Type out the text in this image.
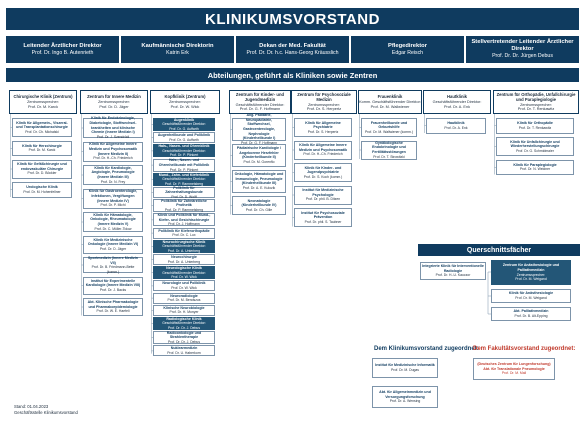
KLINIKUMSVORSTAND
Abteilungen, geführt als Kliniken sowie Zentren
Querschnittsfächer
Zentrum für Anästhesiologie und Palliativmedizin
Zentrumssprecher:
Prof. Dr. M. Weigand
Integrierte Klinik für Interventionelle Radiologie
Prof. Dr. H.-U. Kauczor
Klinik für Anästhesiologie
Prof. Dr. M. Weigand
Abt. Palliativmedizin
Prof. Dr. B. Alt-Epping
Dem Klinikumsvorstand zugeordnet:
Dem Fakultätsvorstand zugeordnet:
Institut für Medizinische Informatik
Prof. Dr. M. Dugas
Abt. für Allgemeinmedizin und Versorgungsforschung
Prof. Dr. A. Wensing
(Deutsches Zentrum für Lungenforschung) Abt. für Translationale Pneumologie
Prof. Dr. M. Mall
Stand: 01.04.2023
Geschäftsstelle Klinikumsvorstand
Leitender Ärztlicher Direktor
Prof. Dr. Ingo B. Autenrieth
Kaufmännische Direktorin
Katrin Erk
Dekan der Med. Fakultät
Prof. Dr. Dr. h.c. Hans-Georg Kräusslich
Pflegedirektor
Edgar Reisch
Stellvertretender Leitender Ärztlicher Direktor
Prof. Dr. Dr. Jürgen Debus
Chirurgische Klinik (Zentrum)
Zentrumssprecher:
Prof. Dr. M. Karck
Klinik für Allgemein-, Viszeral- und Transplantationschirurgie
Prof. Dr. Ch. Michalski
Klinik für Herzchirurgie
Prof. Dr. M. Karck
Klinik für Gefäßchirurgie und endovaskuläre Chirurgie
Prof. Dr. D. Böckler
Urologische Klinik
Prof. Dr. M. Hohenfellner
Zentrum für Innere Medizin
Zentrumssprecher:
Prof. Dr. D. Jäger
Klinik für Endokrinologie, Diabetologie, Stoffwechsel-krankheiten und klinische Chemie (Innere Medizin I)
Prof. Dr. J. Szendrödi
Klinik für Allgemeine Innere Medizin und Psychosomatik (Innere Medizin II)
Prof. Dr. H.-Ch. Friederich
Klinik für Kardiologie, Angiologie, Pneumologie (Innere Medizin III)
Prof. Dr. N. Frey
Klinik für Gastroenterologie, Infektionen, Vergiftungen (Innere Medizin IV)
Prof. Dr. P. Michl
Klinik für Hämatologie, Onkologie, Rheumatologie (Innere Medizin V)
Prof. Dr. C. Müller-Tidow
Klinik für Medizinische Onkologie (Innere Medizin VI)
Prof. Dr. D. Jäger
Sportmedizin (Innere Medizin VII)
Prof. Dr. B. Friedmann-Bette (komm.)
Institut für Experimentelle Kardiologie (Innere Medizin VIII)
Prof. Dr. J. Backs
Abt. Klinische Pharmakologie und Pharmakoepidemiologie
Prof. Dr. W. E. Haefeli
Kopfklinik (Zentrum)
Zentrumssprecher:
Prof. Dr. W. Wick
Augenklinik
Geschäftsführender Direktor:
Prof. Dr. G. Auffarth
Augenheilkunde und Poliklinik
Prof. Dr. G. Auffarth
Hals-, Nasen- und Ohrenklinik
Geschäftsführender Direktor:
Prof. Dr. P. Plinkert
Hals-, Nasen- und Ohrenheilkunde mit Poliklinik
Prof. Dr. P. Plinkert
Mund-, Zahn- und Kieferklinik
Geschäftsführender Direktor:
Prof. Dr. P. Rammelsberg
Poliklinik für Zahnerhaltungskunde
Prof. Dr. D. Wolff
Poliklinik für Zahnärztliche Prothetik
Prof. Dr. P. Rammelsberg
Klinik und Poliklinik für Mund-, Kiefer- und Gesichtschirurgie
Prof. Dr. J. Hoffmann
Poliklinik für Kieferorthopädie
Prof. Dr. C. Lux
Neurochirurgische Klinik
Geschäftsführender Direktor:
Prof. Dr. A. Unterberg
Neurochirurgie
Prof. Dr. A. Unterberg
Neurologische Klinik
Geschäftsführender Direktor:
Prof. Dr. W. Wick
Neurologie und Poliklinik
Prof. Dr. W. Wick
Neuroradiologie
Prof. Dr. M. Bendszus
Klinische Neurobiologie
Prof. Dr. H. Monyer
Radiologische Klinik
Geschäftsführender Direktor:
Prof. Dr. Dr. J. Debus
Radioonkologie und Strahlentherapie
Prof. Dr. Dr. J. Debus
Nuklearmedizin
Prof. Dr. U. Haberkorn
Zentrum für Kinder- und Jugendmedizin
Geschäftsführender Direktor:
Prof. Dr. G. F. Hoffmann
Allg. Pädiatrie, Neuropädiatrie, Stoffwechsel, Gastroenterologie, Nephrologie (Kinderheilkunde I)
Pädiatrische Kardiologie / Angeborene Herzfehler (Kinderheilkunde II)
Prof. Dr. M. Gorenflo
Onkologie, Hämatologie und Immunologie, Pneumologie (Kinderheilkunde III)
Prof. Dr. A. E. Kulozik
Neonatologie (Kinderheilkunde IV)
Prof. Dr. Ch. Gille
Zentrum für Psychosoziale Medizin
Zentrumssprecher:
Prof. Dr. S. Herpertz
Klinik für Allgemeine Psychiatrie
Prof. Dr. S. Herpertz
Klinik für Allgemeine Innere Medizin und Psychosomatik
Prof. Dr. H.-Ch. Friederich
Klinik für Kinder- und Jugendpsychiatrie
Prof. Dr. S. Koch (komm.)
Institut für Medizinische Psychologie
Prof. Dr. phil. B. Ditzen
Institut für Psychosoziale Prävention
Prof. Dr. phil. S. Taubner
Frauenklinik
Komm. Geschäftsführender Direktor:
Prof. Dr. M. Wallwiener
Frauenheilkunde und Geburtshilfe
Prof. Dr. M. Wallwiener (komm.)
Gynäkologische Endokrinologie und Fertilitätsstörungen
Prof. Dr. T. Strowitzki
Hautklinik
Geschäftsführender Direktor:
Prof. Dr. A. Enk
Hautklinik
Prof. Dr. A. Enk
Zentrum für Orthopädie, Unfallchirurgie und Paraplegiologie
Zentrumssprecher:
Prof. Dr. T. Renkawitz
Klinik für Orthopädie
Prof. Dr. T. Renkawitz
Klinik für Unfallchirurgie und Wiederherstellungschirurgie
Prof. Dr. G. Schmidmaier
Klinik für Paraplegiologie
Prof. Dr. N. Weidner
